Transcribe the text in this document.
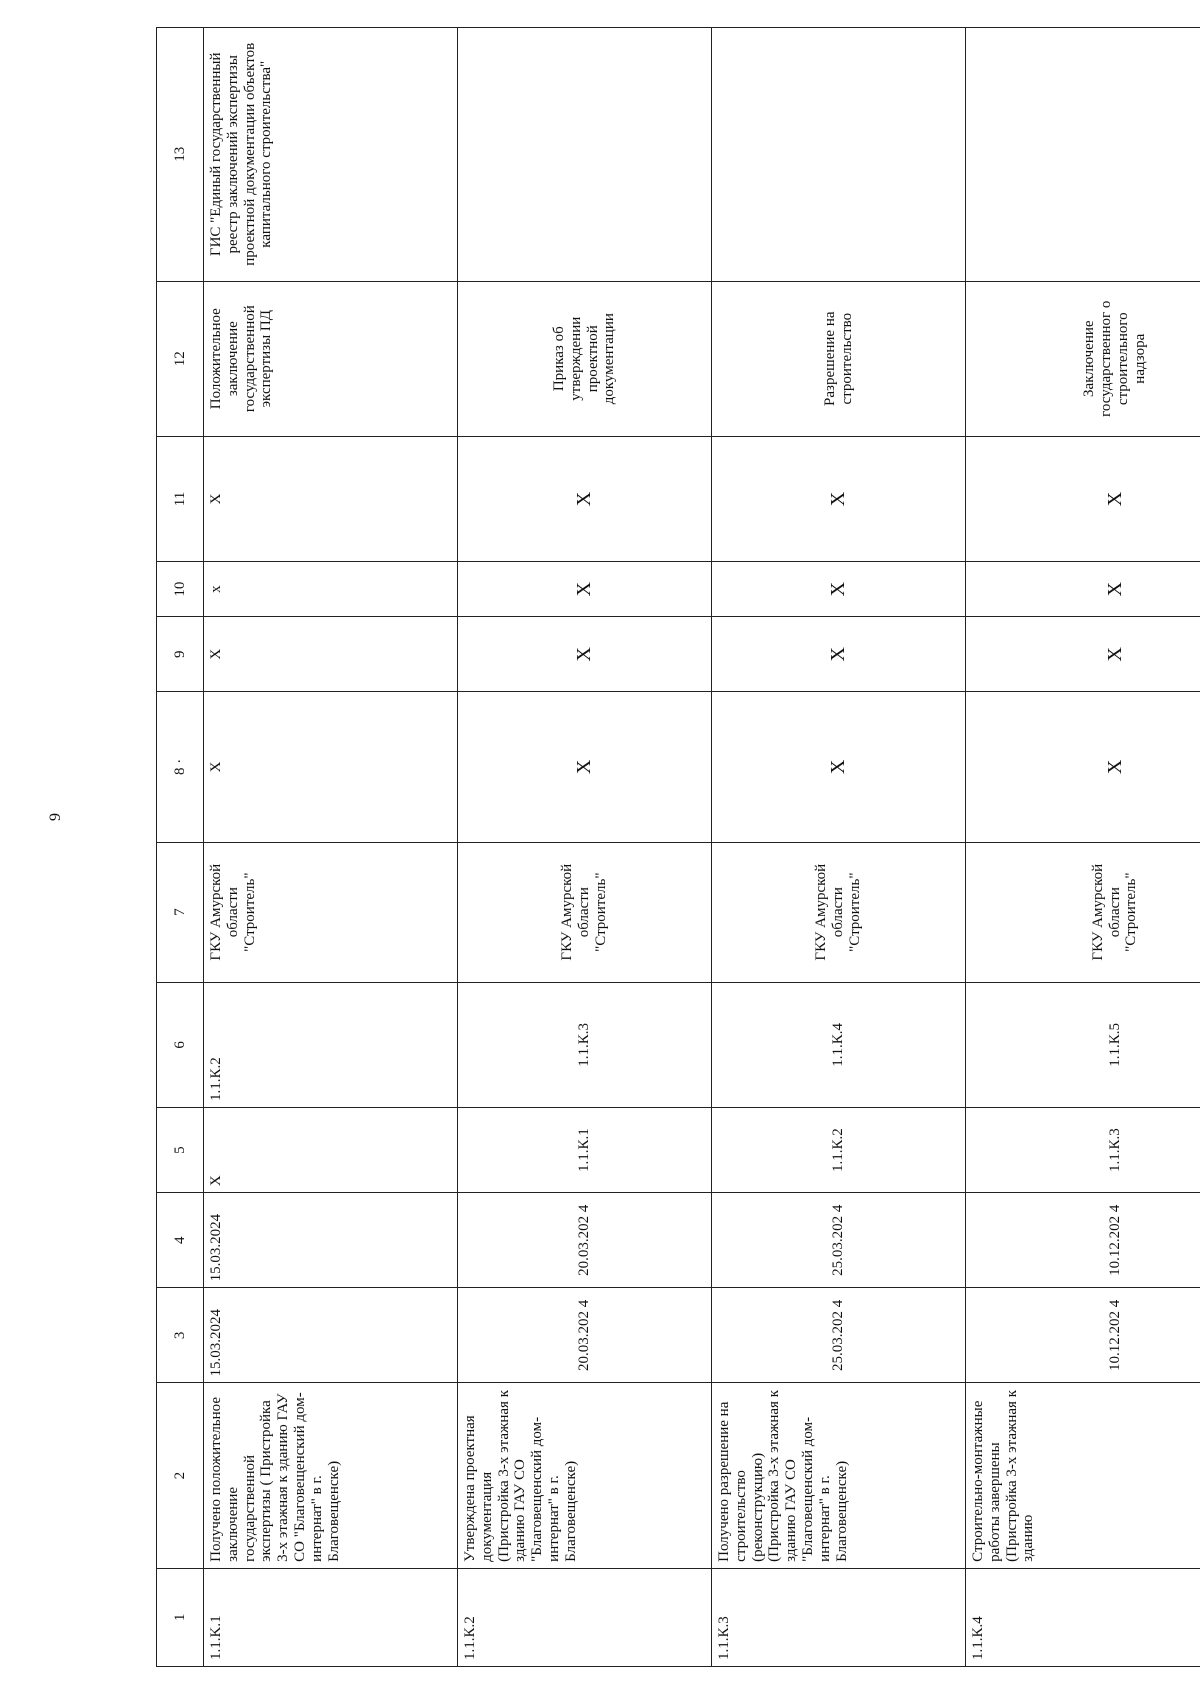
9
1	2	3	4	5	6	7	8 ·	9	10	11	12	13
1.1.K.1	Получено положительное заключение государственной экспертизы ( Пристройка 3-х этажная к зданию ГАУ СО "Благовещенский дом-интернат" в г. Благовещенске)	15.03.2024	15.03.2024	X	1.1.К.2	ГКУ Амурской области "Строитель"	X	X	x	X	Положительное заключение государственной экспертизы ПД	ГИС "Единый государственный реестр заключений экспертизы проектной документации объектов капитального строительства"
1.1.К.2	Утверждена проектная документация (Пристройка 3-х этажная к зданию ГАУ СО "Благовещенский дом-интернат" в г. Благовещенске)	20.03.202 4	20.03.202 4	1.1.К.1	1.1.К.3	ГКУ Амурской области "Строитель"	X	X	X	X	Приказ об утверждении проектной документации	
1.1.К.3	Получено разрешение на строительство (реконструкцию) (Пристройка 3-х этажная к зданию ГАУ СО "Благовещенский дом-интернат" в г. Благовещенске)	25.03.202 4	25.03.202 4	1.1.К.2	1.1.К.4	ГКУ Амурской области "Строитель"	X	X	X	X	Разрешение на строительство	
1.1.К.4	Строительно-монтажные работы завершены (Пристройка 3-х этажная к зданию	10.12.202 4	10.12.202 4	1.1.К.3	1.1.К.5	ГКУ Амурской области "Строитель"	X	X	X	X	Заключение государственног о строительного надзора	
